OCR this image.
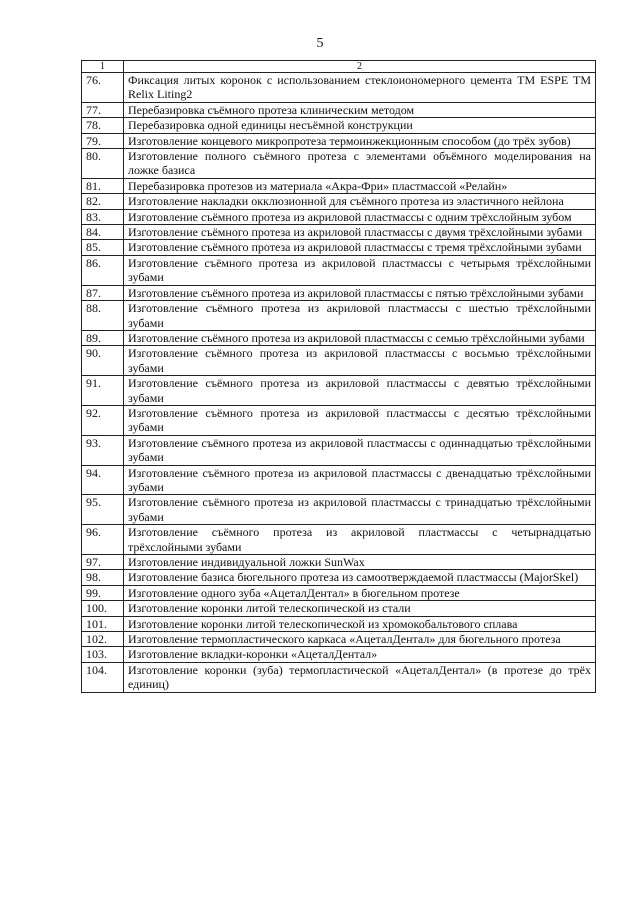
5
1	2
76.	Фиксация литых коронок с использованием стеклоиономерного цемента TM ESPE TM Relix Liting2
77.	Перебазировка съёмного протеза клиническим методом
78.	Перебазировка одной единицы несъёмной конструкции
79.	Изготовление концевого микропротеза термоинжекционным способом (до трёх зубов)
80.	Изготовление полного съёмного протеза с элементами объёмного моделирования на ложке базиса
81.	Перебазировка протезов из материала «Акра-Фри» пластмассой «Релайн»
82.	Изготовление накладки окклюзионной для съёмного протеза из эластичного нейлона
83.	Изготовление съёмного протеза из акриловой пластмассы с одним трёхслойным зубом
84.	Изготовление съёмного протеза из акриловой пластмассы с двумя трёхслойными зубами
85.	Изготовление съёмного протеза из акриловой пластмассы с тремя трёхслойными зубами
86.	Изготовление съёмного протеза из акриловой пластмассы с четырьмя трёхслойными зубами
87.	Изготовление съёмного протеза из акриловой пластмассы с пятью трёхслойными зубами
88.	Изготовление съёмного протеза из акриловой пластмассы с шестью трёхслойными зубами
89.	Изготовление съёмного протеза из акриловой пластмассы с семью трёхслойными зубами
90.	Изготовление съёмного протеза из акриловой пластмассы с восьмью трёхслойными зубами
91.	Изготовление съёмного протеза из акриловой пластмассы с девятью трёхслойными зубами
92.	Изготовление съёмного протеза из акриловой пластмассы с десятью трёхслойными зубами
93.	Изготовление съёмного протеза из акриловой пластмассы с одиннадцатью трёхслойными зубами
94.	Изготовление съёмного протеза из акриловой пластмассы с двенадцатью трёхслойными зубами
95.	Изготовление съёмного протеза из акриловой пластмассы с тринадцатью трёхслойными зубами
96.	Изготовление съёмного протеза из акриловой пластмассы с четырнадцатью трёхслойными зубами
97.	Изготовление индивидуальной ложки SunWax
98.	Изготовление базиса бюгельного протеза из самоотверждаемой пластмассы (MajorSkel)
99.	Изготовление одного зуба «АцеталДентал» в бюгельном протезе
100.	Изготовление коронки литой телескопической из стали
101.	Изготовление коронки литой телескопической из хромокобальтового сплава
102.	Изготовление термопластического каркаса «АцеталДентал» для бюгельного протеза
103.	Изготовление вкладки-коронки «АцеталДентал»
104.	Изготовление коронки (зуба) термопластической «АцеталДентал» (в протезе до трёх единиц)
